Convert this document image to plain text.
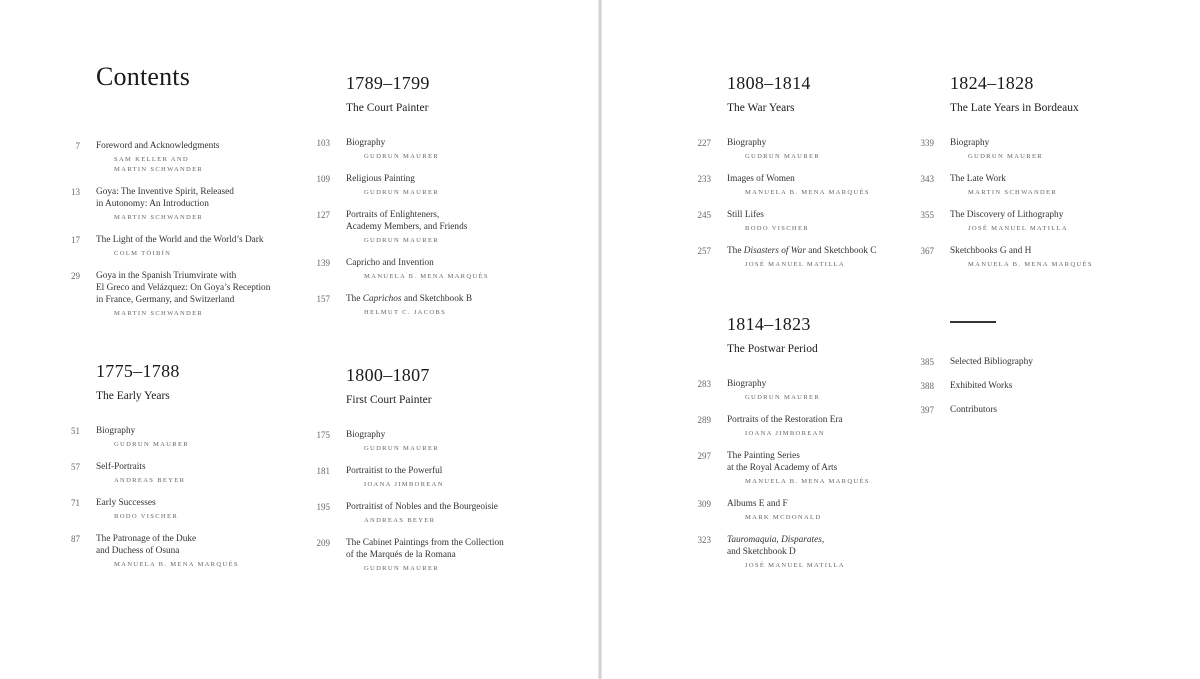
Contents
7 Foreword and Acknowledgments
SAM KELLER AND
MARTIN SCHWANDER
13 Goya: The Inventive Spirit, Released
in Autonomy: An Introduction
MARTIN SCHWANDER
17 The Light of the World and the World’s Dark
COLM TÓIBÍN
29 Goya in the Spanish Triumvirate with
El Greco and Velázquez: On Goya’s Reception
in France, Germany, and Switzerland
MARTIN SCHWANDER
1775–1788
The Early Years
51 Biography
GUDRUN MAURER
57 Self-Portraits
ANDREAS BEYER
71 Early Successes
BODO VISCHER
87 The Patronage of the Duke
and Duchess of Osuna
MANUELA B. MENA MARQUÉS
1789–1799
The Court Painter
103 Biography
GUDRUN MAURER
109 Religious Painting
GUDRUN MAURER
127 Portraits of Enlighteners,
Academy Members, and Friends
GUDRUN MAURER
139 Capricho and Invention
MANUELA B. MENA MARQUÉS
157 The Caprichos and Sketchbook B
HELMUT C. JACOBS
1800–1807
First Court Painter
175 Biography
GUDRUN MAURER
181 Portraitist to the Powerful
IOANA JIMBOREAN
195 Portraitist of Nobles and the Bourgeoisie
ANDREAS BEYER
209 The Cabinet Paintings from the Collection
of the Marqués de la Romana
GUDRUN MAURER
1808–1814
The War Years
227 Biography
GUDRUN MAURER
233 Images of Women
MANUELA B. MENA MARQUÉS
245 Still Lifes
BODO VISCHER
257 The Disasters of War and Sketchbook C
JOSÉ MANUEL MATILLA
1814–1823
The Postwar Period
283 Biography
GUDRUN MAURER
289 Portraits of the Restoration Era
IOANA JIMBOREAN
297 The Painting Series
at the Royal Academy of Arts
MANUELA B. MENA MARQUÉS
309 Albums E and F
MARK MCDONALD
323 Tauromaquia, Disparates,
and Sketchbook D
JOSÉ MANUEL MATILLA
1824–1828
The Late Years in Bordeaux
339 Biography
GUDRUN MAURER
343 The Late Work
MARTIN SCHWANDER
355 The Discovery of Lithography
JOSÉ MANUEL MATILLA
367 Sketchbooks G and H
MANUELA B. MENA MARQUÉS
385 Selected Bibliography
388 Exhibited Works
397 Contributors
